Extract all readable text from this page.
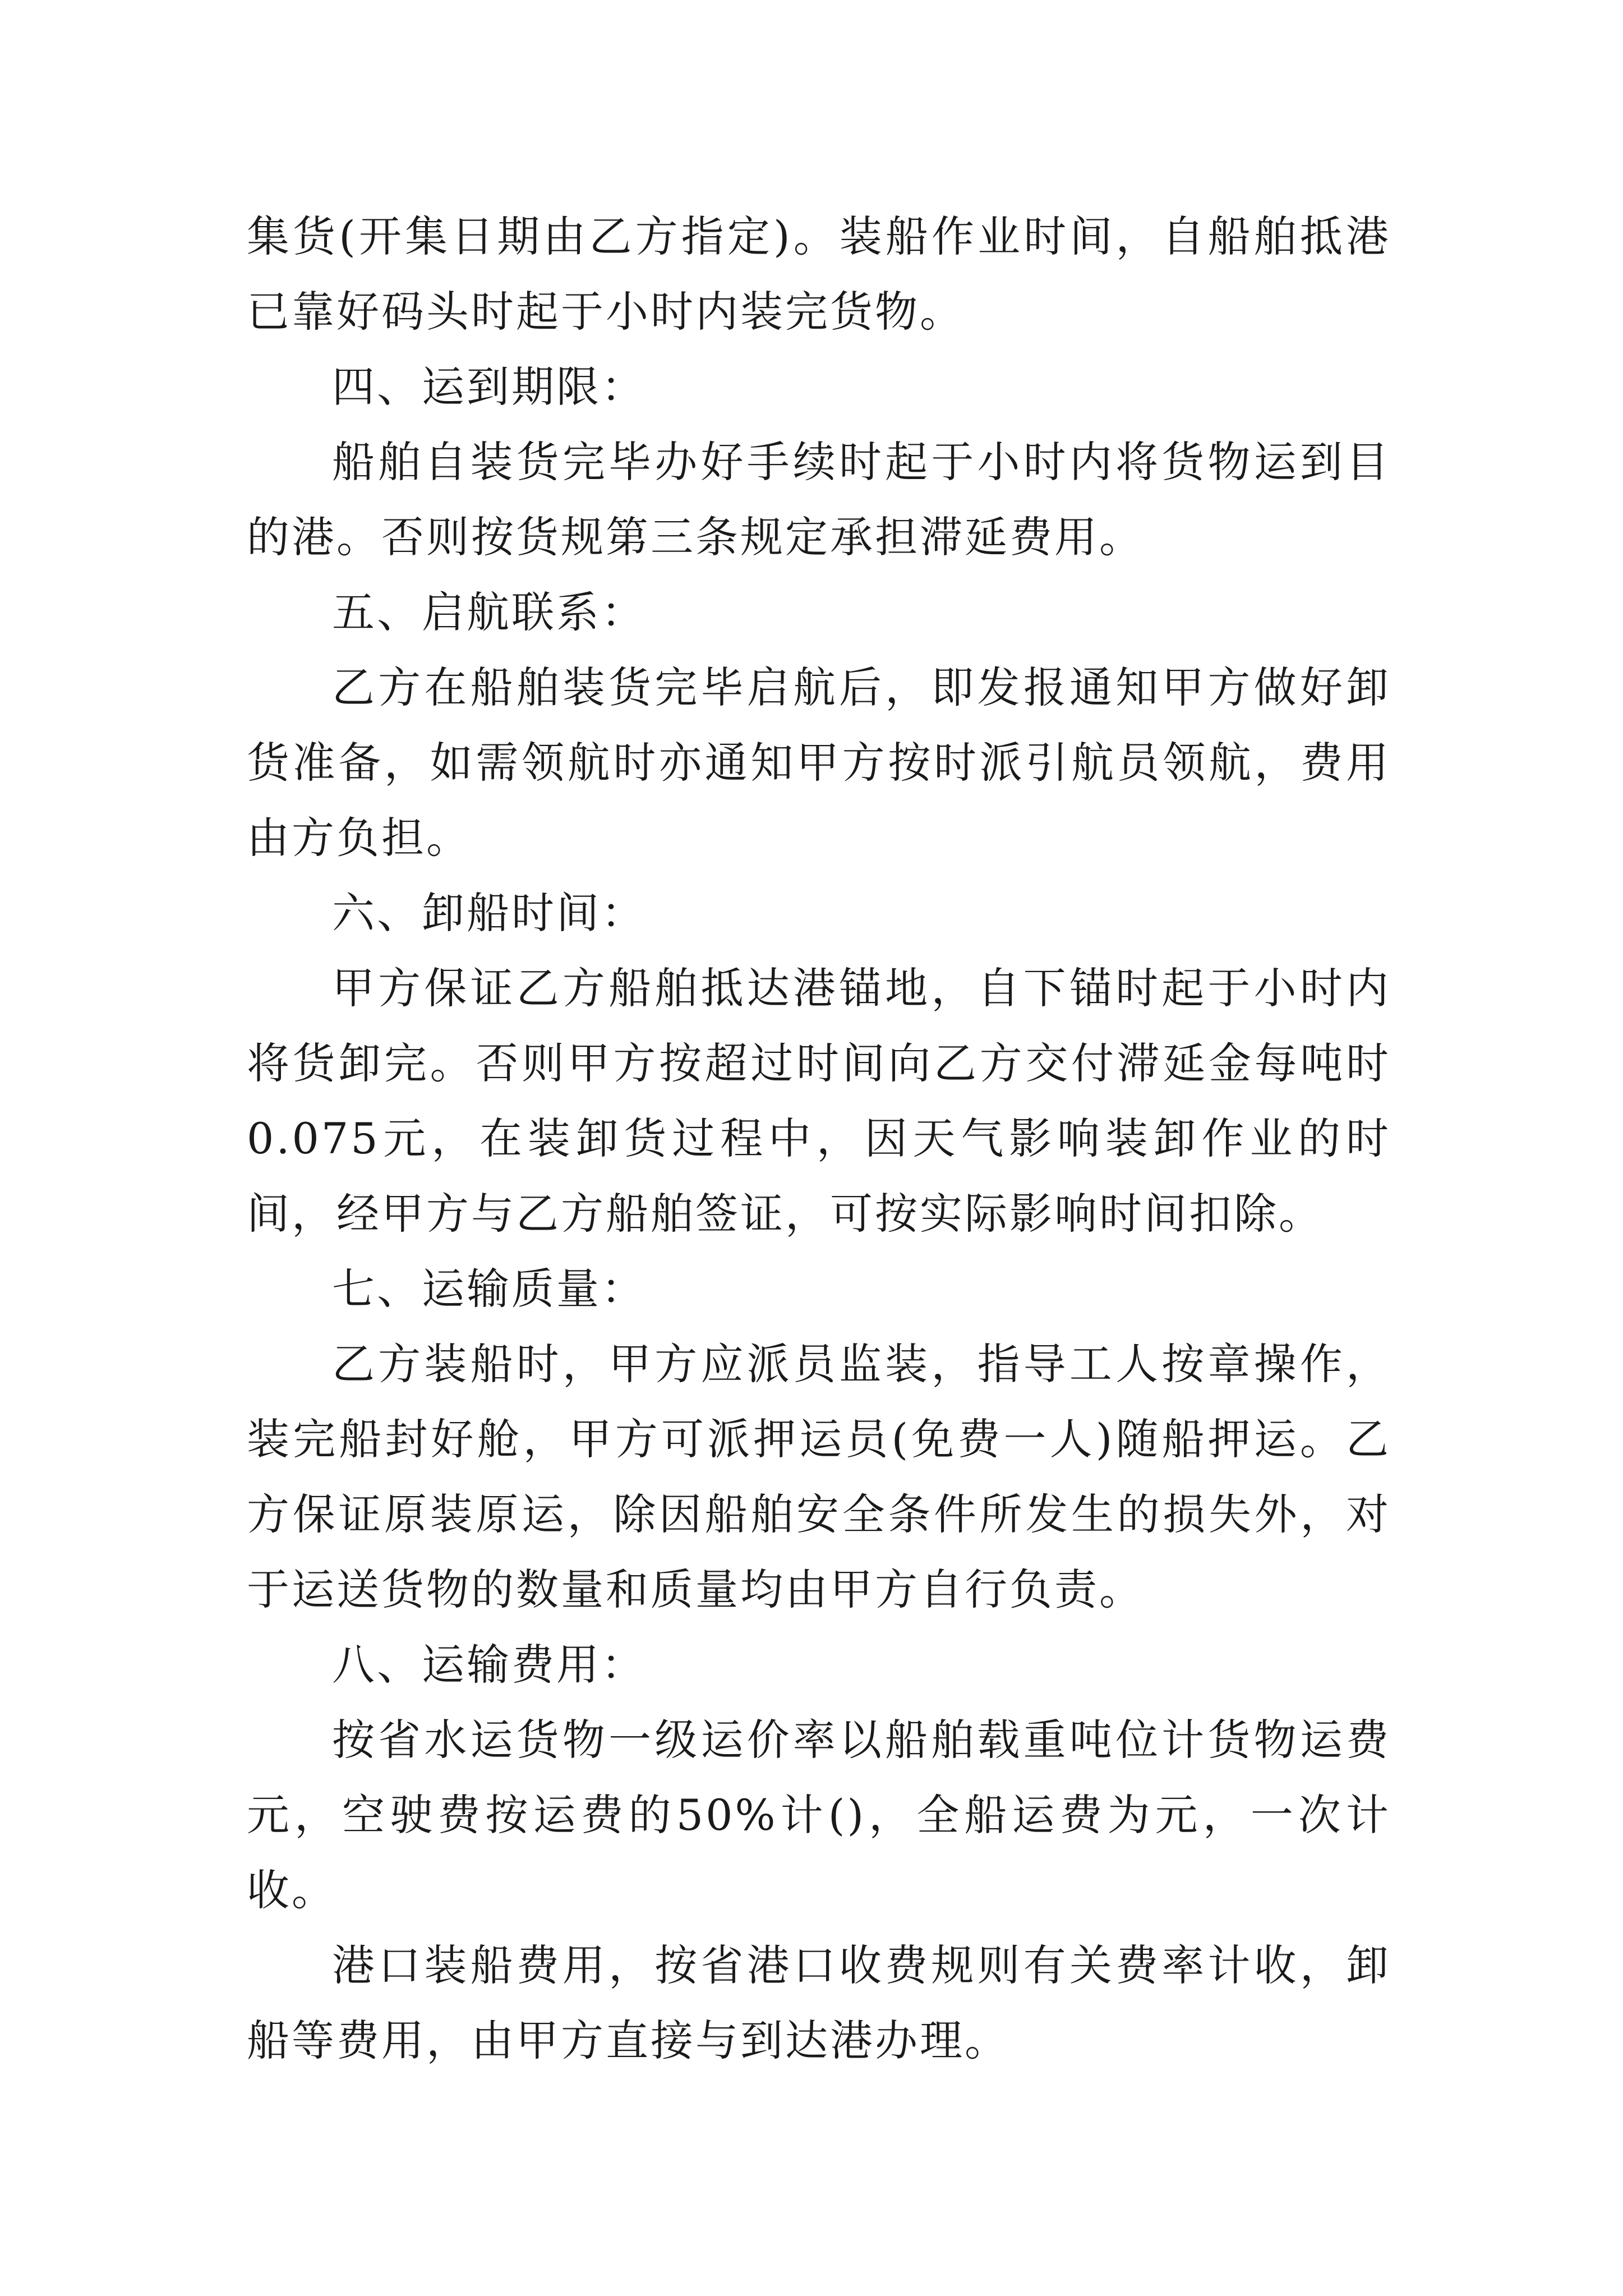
集货(开集日期由乙方指定)。装船作业时间，自船舶抵港已靠好码头时起于小时内装完货物。

四、运到期限：

船舶自装货完毕办好手续时起于小时内将货物运到目的港。否则按货规第三条规定承担滞延费用。

五、启航联系：

乙方在船舶装货完毕启航后，即发报通知甲方做好卸货准备，如需领航时亦通知甲方按时派引航员领航，费用由方负担。

六、卸船时间：

甲方保证乙方船舶抵达港锚地，自下锚时起于小时内将货卸完。否则甲方按超过时间向乙方交付滞延金每吨时0.075元，在装卸货过程中，因天气影响装卸作业的时间，经甲方与乙方船舶签证，可按实际影响时间扣除。

七、运输质量：

乙方装船时，甲方应派员监装，指导工人按章操作，装完船封好舱，甲方可派押运员(免费一人)随船押运。乙方保证原装原运，除因船舶安全条件所发生的损失外，对于运送货物的数量和质量均由甲方自行负责。

八、运输费用：

按省水运货物一级运价率以船舶载重吨位计货物运费元，空驶费按运费的50%计()，全船运费为元，一次计收。

港口装船费用，按省港口收费规则有关费率计收，卸船等费用，由甲方直接与到达港办理。
